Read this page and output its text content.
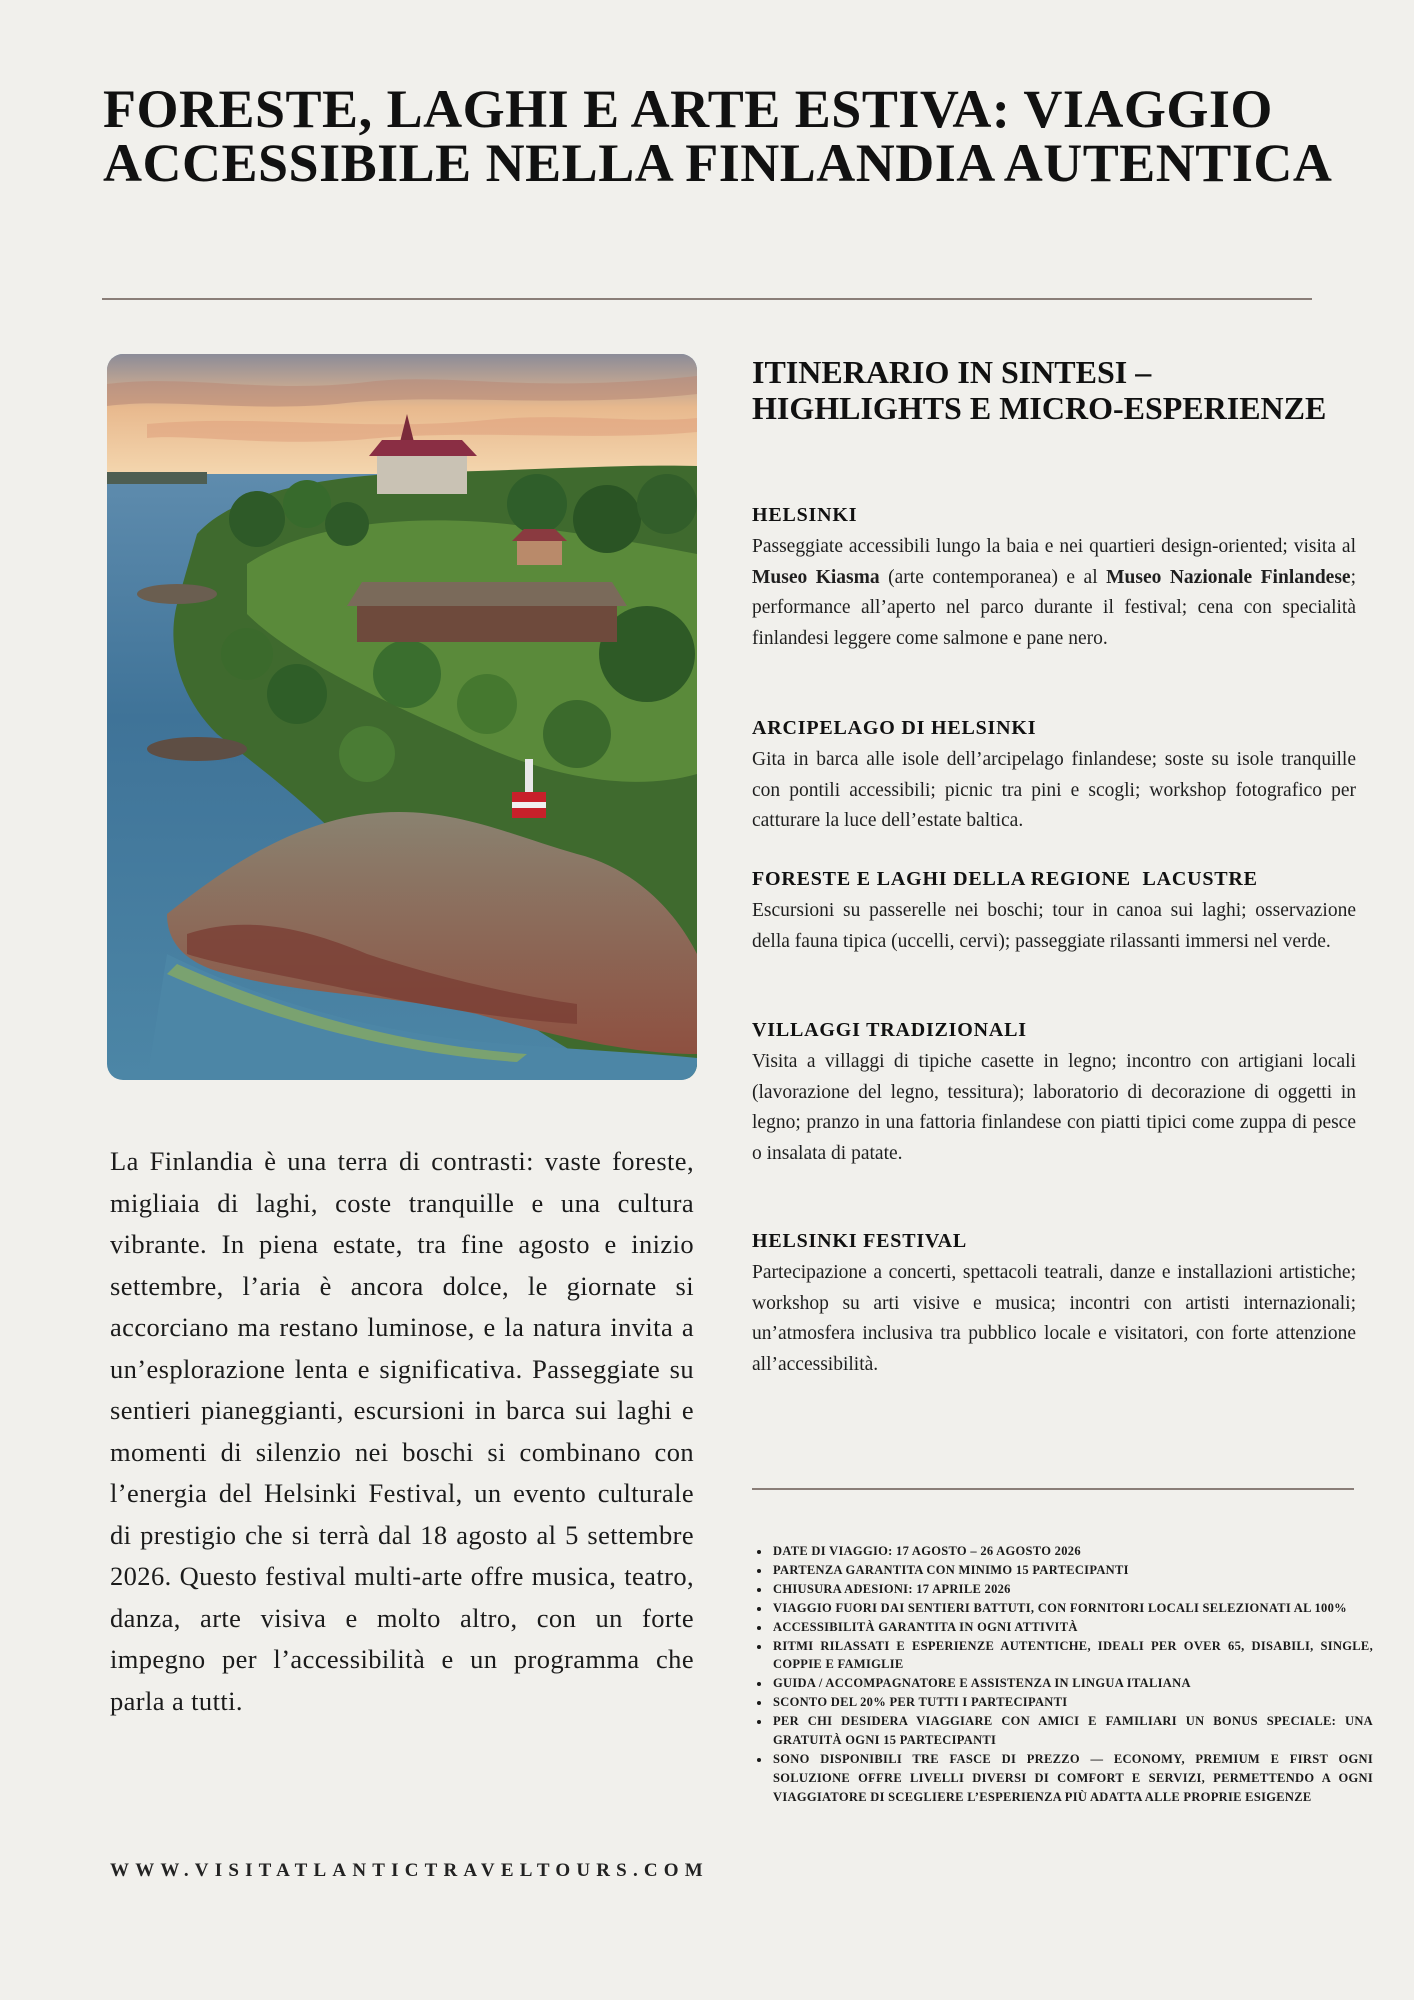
FORESTE, LAGHI E ARTE ESTIVA: VIAGGIO ACCESSIBILE NELLA FINLANDIA AUTENTICA

La Finlandia è una terra di contrasti: vaste foreste, migliaia di laghi, coste tranquille e una cultura vibrante. In piena estate, tra fine agosto e inizio settembre, l’aria è ancora dolce, le giornate si accorciano ma restano luminose, e la natura invita a un’esplorazione lenta e significativa. Passeggiate su sentieri pianeggianti, escursioni in barca sui laghi e momenti di silenzio nei boschi si combinano con l’energia del Helsinki Festival, un evento culturale di prestigio che si terrà dal 18 agosto al 5 settembre 2026. Questo festival multi-arte offre musica, teatro, danza, arte visiva e molto altro, con un forte impegno per l’accessibilità e un programma che parla a tutti.

WWW.VISITATLANTICTRAVELTOURS.COM
ITINERARIO IN SINTESI – HIGHLIGHTS E MICRO-ESPERIENZE
HELSINKI

Passeggiate accessibili lungo la baia e nei quartieri design-oriented; visita al Museo Kiasma (arte contemporanea) e al Museo Nazionale Finlandese; performance all’aperto nel parco durante il festival; cena con specialità finlandesi leggere come salmone e pane nero.

ARCIPELAGO DI HELSINKI

Gita in barca alle isole dell’arcipelago finlandese; soste su isole tranquille con pontili accessibili; picnic tra pini e scogli; workshop fotografico per catturare la luce dell’estate baltica.

FORESTE E LAGHI DELLA REGIONE  LACUSTRE

Escursioni su passerelle nei boschi; tour in canoa sui laghi; osservazione della fauna tipica (uccelli, cervi); passeggiate rilassanti immersi nel verde.

VILLAGGI TRADIZIONALI

Visita a villaggi di tipiche casette in legno; incontro con artigiani locali (lavorazione del legno, tessitura); laboratorio di decorazione di oggetti in legno; pranzo in una fattoria finlandese con piatti tipici come zuppa di pesce o insalata di patate.

HELSINKI FESTIVAL

Partecipazione a concerti, spettacoli teatrali, danze e installazioni artistiche; workshop su arti visive e musica; incontri con artisti internazionali; un’atmosfera inclusiva tra pubblico locale e visitatori, con forte attenzione all’accessibilità.

• DATE DI VIAGGIO: 17 AGOSTO – 26 AGOSTO 2026
• PARTENZA GARANTITA CON MINIMO 15 PARTECIPANTI
• CHIUSURA ADESIONI: 17 APRILE 2026
• VIAGGIO FUORI DAI SENTIERI BATTUTI, CON FORNITORI LOCALI SELEZIONATI AL 100%
• ACCESSIBILITÀ GARANTITA IN OGNI ATTIVITÀ
• RITMI RILASSATI E ESPERIENZE AUTENTICHE, IDEALI PER OVER 65, DISABILI, SINGLE, COPPIE E FAMIGLIE
• GUIDA / ACCOMPAGNATORE E ASSISTENZA IN LINGUA ITALIANA
• SCONTO DEL 20% PER TUTTI I PARTECIPANTI
• PER CHI DESIDERA VIAGGIARE CON AMICI E FAMILIARI UN BONUS SPECIALE: UNA GRATUITÀ OGNI 15 PARTECIPANTI
• SONO DISPONIBILI TRE FASCE DI PREZZO — ECONOMY, PREMIUM E FIRST OGNI SOLUZIONE OFFRE LIVELLI DIVERSI DI COMFORT E SERVIZI, PERMETTENDO A OGNI VIAGGIATORE DI SCEGLIERE L’ESPERIENZA PIÙ ADATTA ALLE PROPRIE ESIGENZE
